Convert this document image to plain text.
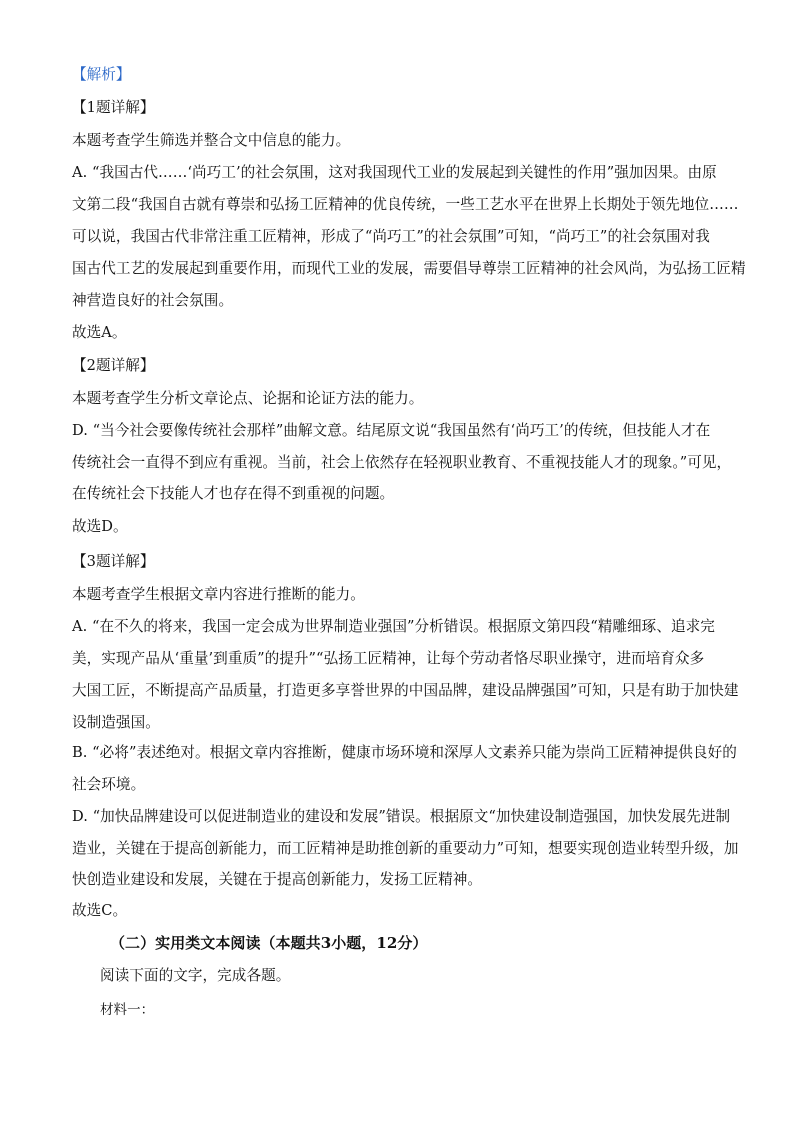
【解析】

【1题详解】

本题考查学生筛选并整合文中信息的能力。

A. “我国古代……‘尚巧工’的社会氛围，这对我国现代工业的发展起到关键性的作用”强加因果。由原

文第二段“我国自古就有尊崇和弘扬工匠精神的优良传统，一些工艺水平在世界上长期处于领先地位……

可以说，我国古代非常注重工匠精神，形成了“尚巧工”的社会氛围”可知，“尚巧工”的社会氛围对我

国古代工艺的发展起到重要作用，而现代工业的发展，需要倡导尊崇工匠精神的社会风尚，为弘扬工匠精

神营造良好的社会氛围。

故选A。

【2题详解】

本题考查学生分析文章论点、论据和论证方法的能力。

D. “当今社会要像传统社会那样”曲解文意。结尾原文说“我国虽然有‘尚巧工’的传统，但技能人才在

传统社会一直得不到应有重视。当前，社会上依然存在轻视职业教育、不重视技能人才的现象。”可见，

在传统社会下技能人才也存在得不到重视的问题。

故选D。

【3题详解】

本题考查学生根据文章内容进行推断的能力。

A. “在不久的将来，我国一定会成为世界制造业强国”分析错误。根据原文第四段“精雕细琢、追求完

美，实现产品从‘重量’到重质”的提升”“弘扬工匠精神，让每个劳动者恪尽职业操守，进而培育众多

大国工匠，不断提高产品质量，打造更多享誉世界的中国品牌，建设品牌强国”可知，只是有助于加快建

设制造强国。

B. “必将”表述绝对。根据文章内容推断，健康市场环境和深厚人文素养只能为崇尚工匠精神提供良好的

社会环境。

D. “加快品牌建设可以促进制造业的建设和发展”错误。根据原文“加快建设制造强国，加快发展先进制

造业，关键在于提高创新能力，而工匠精神是助推创新的重要动力”可知，想要实现创造业转型升级，加

快创造业建设和发展，关键在于提高创新能力，发扬工匠精神。

故选C。

（二）实用类文本阅读（本题共3小题，12分）

阅读下面的文字，完成各题。

材料一：
